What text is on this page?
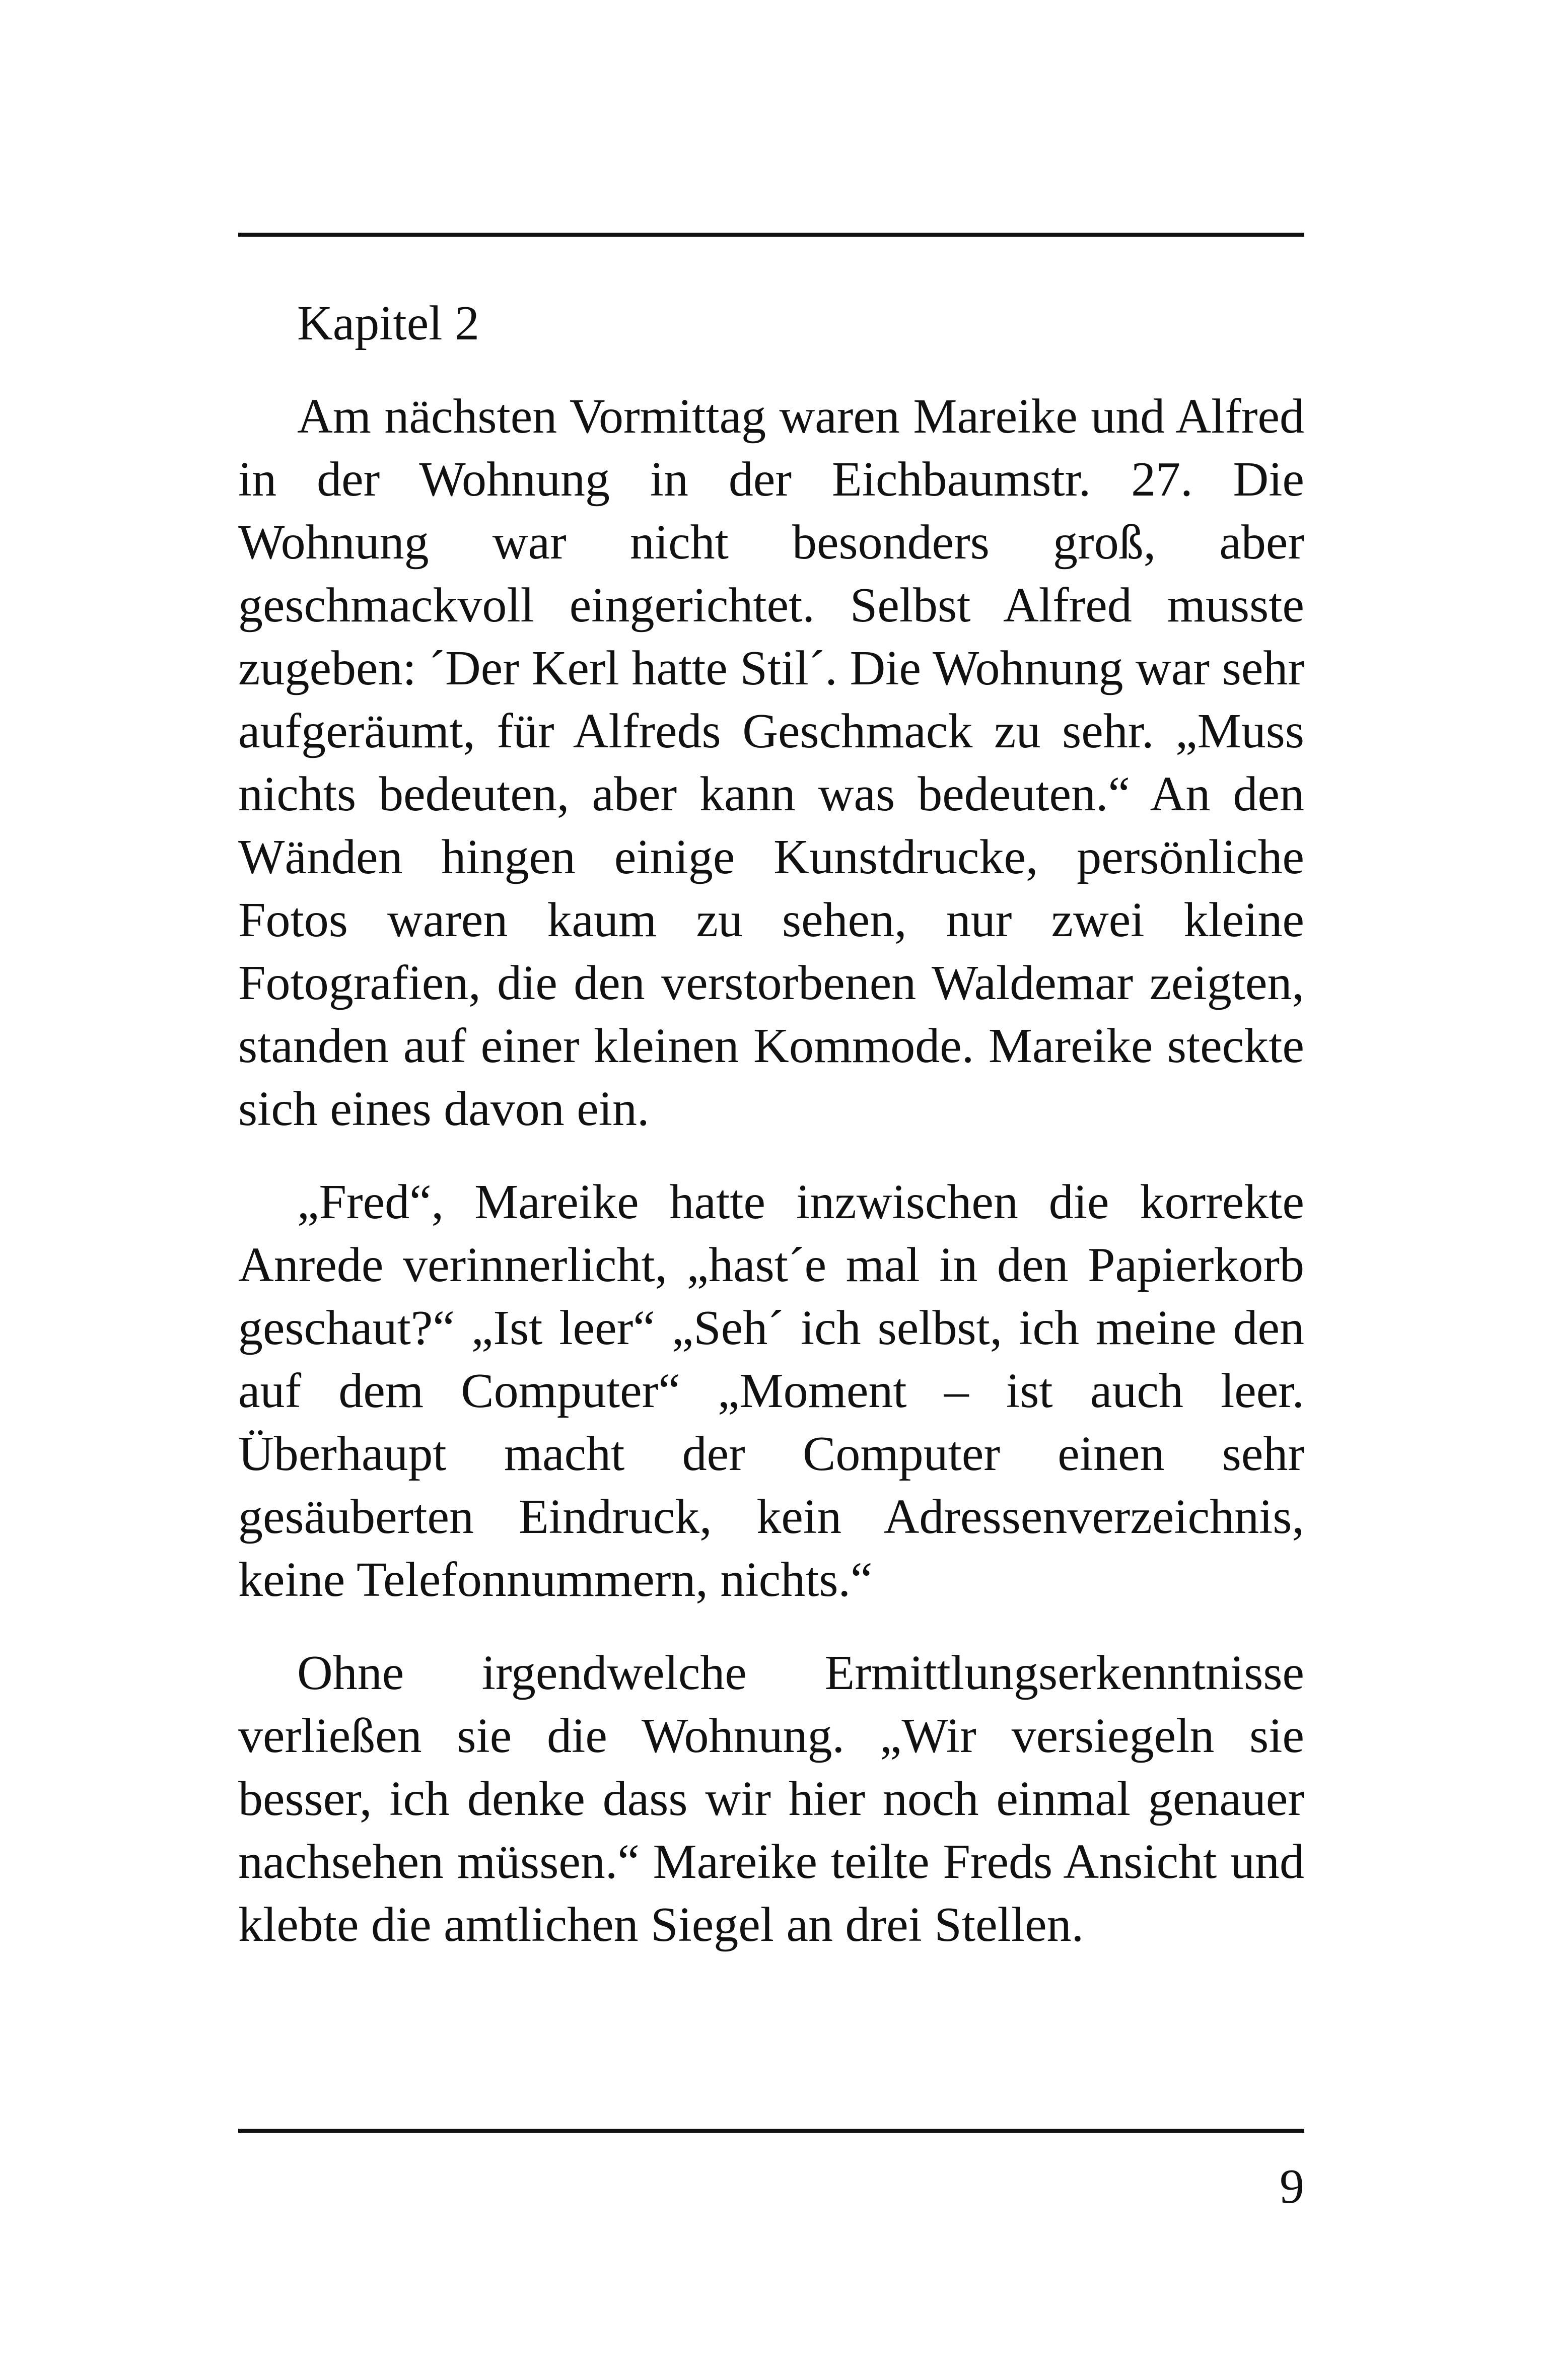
Kapitel 2

Am nächsten Vormittag waren Mareike und Alfred in der Wohnung in der Eichbaumstr. 27. Die Wohnung war nicht besonders groß, aber geschmackvoll eingerichtet. Selbst Alfred musste zugeben: ´Der Kerl hatte Stil´. Die Wohnung war sehr aufgeräumt, für Alfreds Geschmack zu sehr. „Muss nichts bedeuten, aber kann was bedeuten.“ An den Wänden hingen einige Kunstdrucke, persönliche Fotos waren kaum zu sehen, nur zwei kleine Fotografien, die den verstorbenen Waldemar zeigten, standen auf einer kleinen Kommode. Mareike steckte sich eines davon ein.

„Fred“, Mareike hatte inzwischen die korrekte Anrede verinnerlicht, „hast´e mal in den Papierkorb geschaut?“ „Ist leer“ „Seh´ ich selbst, ich meine den auf dem Computer“ „Moment – ist auch leer. Überhaupt macht der Computer einen sehr gesäuberten Eindruck, kein Adressenverzeichnis, keine Telefonnummern, nichts.“

Ohne irgendwelche Ermittlungserkenntnisse verließen sie die Wohnung. „Wir versiegeln sie besser, ich denke dass wir hier noch einmal genauer nachsehen müssen.“ Mareike teilte Freds Ansicht und klebte die amtlichen Siegel an drei Stellen.

9
